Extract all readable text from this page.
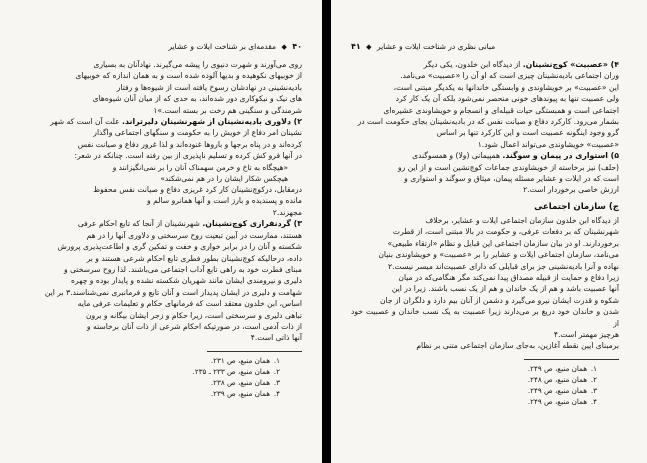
۴۰ ◆ مقدمه‌ای بر شناخت ایلات و عشایر

روی می‌آورند و شهرت دنیوی را پیشه می‌گیرند. نهادآنان به بسیاری

از خوبیهای نکوهیده و بدیها آلوده شده است و به همان اندازه که خوبیهای

بادیه‌نشینی در نهادشان رسوخ یافته است از شیوه‌ها و رفتار

های نیک و نیکوکاری دور شده‌اند، به حدی که از میان آنان شیوه‌های

شرمندگی و سنگینی هم رخت بر بسته است.»۱

۲) دلاوری بادیه‌نشینان از شهرنشینان دلیرتر‌اند. علت آن است که شهر

نشینان امر دفاع از خویش را به حکومت و سنگهای اجتماعی واگذار

کرده‌اند و در پناه برجها و باروها غنوده‌اند و لذا غرور دفاع و صیانت نفس

در آنها فرو کش کرده و تسلیم ناپذیری از بین رفته است. چنانکه در شعر:

«هیچگاه به تاخ و خرمن سهمناک آنان را بر نمی‌انگیزانند و

هیچکس شکار ایشان را در هم نمی‌شکند»

درمقابل، درکوچ‌نشینان کار کرد غریزی دفاع و صیانت نفس محفوظ

مانده و پسندیده و بارز است و آنها همانرو سالم و

مجهزند.۲

۳) گردنفرازی کوچ‌نشینان. شهرنشینان از آنجا که تابع احکام عرفی

هستند، ممارست در آیین تبعیت روح سرسختی و دلاوری آنها را در هم

شکسته و آنان را در برابر خواری و خفت و تمکین گری و اطاعت‌پذیری پرورش

داده، درحالیکه کوچ‌نشینان بطور فطری تابع احکام شرعی هستند و بر

مبنای فطرت خود به راهی تابع آداب اجتماعی می‌باشند. لذا روح سرسختی و

دلیری و نیرومندی ایشان مانند شهریان شکسته نشده و پایدار بوده و چهره

شهامت و دلیری در ایشان پدیدار است و آنان تابع و فرمانبری نمی‌شناسند.۳ بر این

اساس، ابن خلدون معتقد است که فرمانهای حکام و تعلیمات عرفی مایه

تباهی دلیری و سرسختی است، زیرا حکام و زجر ایشان بیگانه و برون

از ذات آدمی است، در صورتیکه احکام شرعی از ذات آنان برخاسته و

آنها ذاتی است.۴

۱.همان منبع، ص ۲۳۱.
۲.همان منبع، ص ۲۳۳ ـ ۲۳۵.
۳.همان منبع، ص ۲۳۸.
۴.همان منبع، ص ۲۳۹.
مبانی نظری در شناخت ایلات و عشایر ◆ ۴۱

۴) «عصبیت» کوچ‌نشینان. از دیدگاه ابن خلدون، یکی دیگر

وران اجتماعی بادیه‌نشینان چیزی است که او آن را «عصبیت» می‌نامد.

این «عصبیت» بر خویشاوندی و وابستگی خاندانها به یکدیگر مبتنی است،

ولی عصبیت تنها به پیوندهای خونی منحصر نمی‌شود بلکه آن یک کار کرد

اجتماعی است و همبستگی حیات قبیله‌ای و انسجام و خویشاوندی عشیره‌ای

بشمار می‌رود. کارکرد دفاع و صیانت نفس که در بادیه‌نشینان بجای حکومت است در

گرو وجود اینگونه عصبیت است و این کارکرد تنها بر اساس

«عصبیت» خویشاوندی می‌تواند اعمال شود.۱

۵) استواری در پیمان و سوگند. همپیمانی (ولا) و همسوگندی

(حلف) نیز برخاسته از خویشاوندی جماعات کوچ‌نشین است و از این رو

است که در ایلات و عشایر مسئله پیمان، میثاق و سوگند و استواری و

ارزش خاصی برخوردار است.۲

ج) سازمان اجتماعی

از دیدگاه ابن خلدون سازمان اجتماعی ایلات و عشایر، برخلاف

شهرنشینان که بر دفعات عرفی، و حکومت در بالا مبتنی است، از قطرت

برخوردارند. او در بیان سازمان اجتماعی این قبایل و نظام «ارتقاء طبیعی»

می‌نامد، سازمان اجتماعی ایلات و عشایر را بر «عصبیت» و خویشاوندی بنیان

نهاده و آنرا بادیه‌نشینی جز برای قبایلی که دارای عصبیت‌اند میسر نیست.۲

زیرا دفاع و حمایت از قبیله مصداق پیدا نمی‌کند مگر هنگامی‌که در میان

آنها عصبیت باشد و هم از یک خاندان و هم از یک نسب باشند. زیرا در این

شکوه و قدرت ایشان نیرو می‌گیرد و دشمن از آنان بیم دارد و دلگران از جان

شدن و خاندان خود دریغ بر می‌دارند زیرا عصبیت به یک نسب خاندان و عصبیت خود از

هرچیز مهمتر است.۴

برمبنای ایین نقطه آغازین، به‌جای سازمان اجتماعی متنی بر نظام

۱.همان منبع، ص ۲۴۹.
۲.همان منبع، ص ۲۴۸.
۳.همان منبع، ص ۲۴۹.
۴.همان منبع، ص ۲۴۹.
